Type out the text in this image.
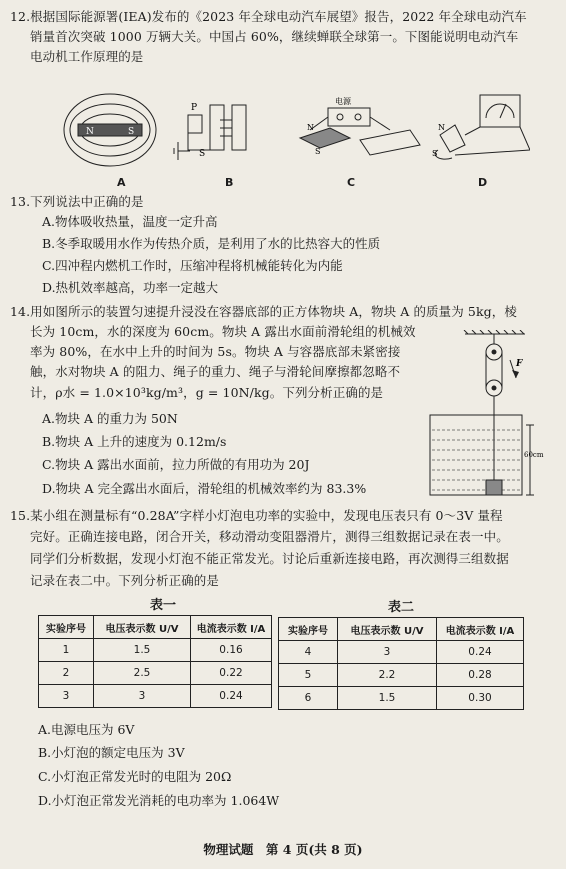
12.根据国际能源署(IEA)发布的《2023 年全球电动汽车展望》报告，2022 年全球电动汽车
销量首次突破 1000 万辆大关。中国占 60%，继续蝉联全球第一。下图能说明电动汽车
电动机工作原理的是
N	S
P
S
电源
N
S
N
S
A	B	C	D
13.下列说法中正确的是
A.物体吸收热量，温度一定升高
B.冬季取暖用水作为传热介质，是利用了水的比热容大的性质
C.四冲程内燃机工作时，压缩冲程将机械能转化为内能
D.热机效率越高，功率一定越大
14.用如图所示的装置匀速提升浸没在容器底部的正方体物块 A，物块 A 的质量为 5kg，棱
长为 10cm，水的深度为 60cm。物块 A 露出水面前滑轮组的机械效
率为 80%，在水中上升的时间为 5s。物块 A 与容器底部未紧密接
触，水对物块 A 的阻力、绳子的重力、绳子与滑轮间摩擦都忽略不
计，ρ水 = 1.0×10³kg/m³，g = 10N/kg。下列分析正确的是
A.物块 A 的重力为 50N
B.物块 A 上升的速度为 0.12m/s
C.物块 A 露出水面前，拉力所做的有用功为 20J
D.物块 A 完全露出水面后，滑轮组的机械效率约为 83.3%
F
60cm
15.某小组在测量标有“0.28A”字样小灯泡电功率的实验中，发现电压表只有 0～3V 量程
完好。正确连接电路，闭合开关，移动滑动变阻器滑片，测得三组数据记录在表一中。
同学们分析数据，发现小灯泡不能正常发光。讨论后重新连接电路，再次测得三组数据
记录在表二中。下列分析正确的是
表一	表二
实验序号	电压表示数 U/V	电流表示数 I/A
1	1.5	0.16
2	2.5	0.22
3	3	0.24
实验序号	电压表示数 U/V	电流表示数 I/A
4	3	0.24
5	2.2	0.28
6	1.5	0.30
A.电源电压为 6V
B.小灯泡的额定电压为 3V
C.小灯泡正常发光时的电阻为 20Ω
D.小灯泡正常发光消耗的电功率为 1.064W
物理试题　第 4 页(共 8 页)
